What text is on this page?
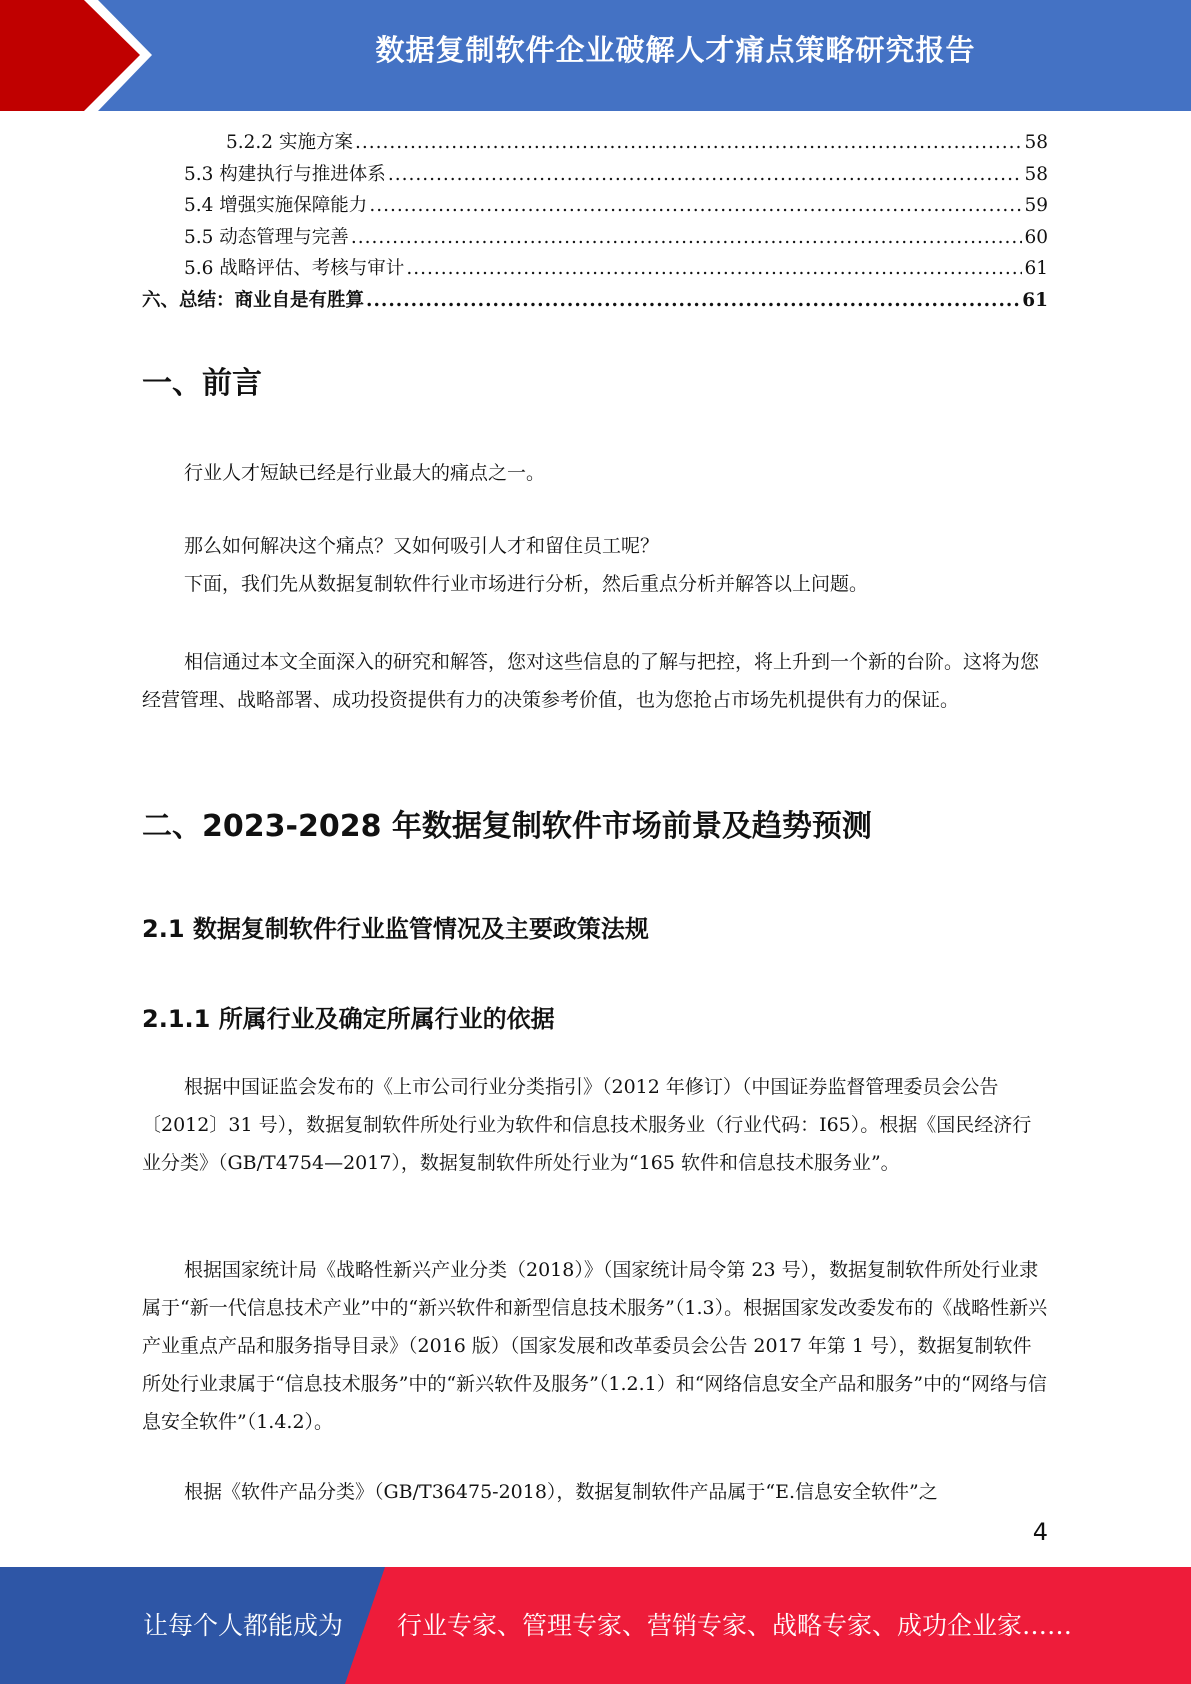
数据复制软件企业破解人才痛点策略研究报告
5.2.2 实施方案 .....	58
5.3 构建执行与推进体系 .....	58
5.4 增强实施保障能力 .....	59
5.5 动态管理与完善 .....	60
5.6 战略评估、考核与审计 .....	61
六、总结：商业自是有胜算 .....	61
一、前言

行业人才短缺已经是行业最大的痛点之一。

那么如何解决这个痛点？又如何吸引人才和留住员工呢？

下面，我们先从数据复制软件行业市场进行分析，然后重点分析并解答以上问题。

相信通过本文全面深入的研究和解答，您对这些信息的了解与把控，将上升到一个新的台阶。这将为您经营管理、战略部署、成功投资提供有力的决策参考价值，也为您抢占市场先机提供有力的保证。

二、2023-2028 年数据复制软件市场前景及趋势预测
2.1 数据复制软件行业监管情况及主要政策法规
2.1.1 所属行业及确定所属行业的依据

根据中国证监会发布的《上市公司行业分类指引》（2012 年修订）（中国证券监督管理委员会公告〔2012〕31 号），数据复制软件所处行业为软件和信息技术服务业（行业代码：I65）。根据《国民经济行业分类》（GB/T4754—2017），数据复制软件所处行业为“165 软件和信息技术服务业”。

根据国家统计局《战略性新兴产业分类（2018）》（国家统计局令第 23 号），数据复制软件所处行业隶属于“新一代信息技术产业”中的“新兴软件和新型信息技术服务”（1.3）。根据国家发改委发布的《战略性新兴产业重点产品和服务指导目录》（2016 版）（国家发展和改革委员会公告 2017 年第 1 号），数据复制软件所处行业隶属于“信息技术服务”中的“新兴软件及服务”（1.2.1）和“网络信息安全产品和服务”中的“网络与信息安全软件”（1.4.2）。

根据《软件产品分类》（GB/T36475-2018），数据复制软件产品属于“E.信息安全软件”之

4
让每个人都能成为 行业专家、管理专家、营销专家、战略专家、成功企业家……
